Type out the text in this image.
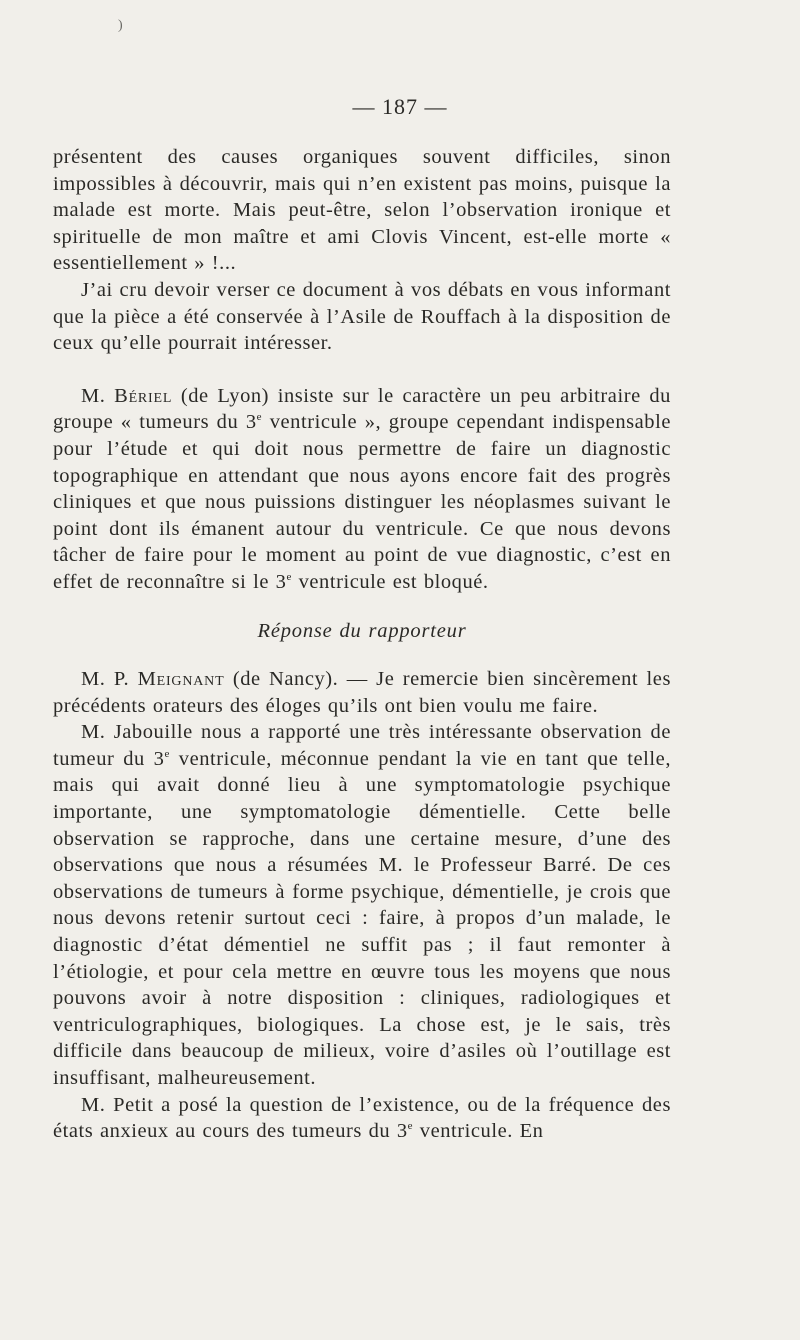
)
— 187 —

présentent des causes organiques souvent difficiles, sinon impossibles à découvrir, mais qui n’en existent pas moins, puisque la malade est morte. Mais peut-être, selon l’observation ironique et spirituelle de mon maître et ami Clovis Vincent, est-elle morte « essentiellement » !...

J’ai cru devoir verser ce document à vos débats en vous informant que la pièce a été conservée à l’Asile de Rouffach à la disposition de ceux qu’elle pourrait intéresser.

M. Bériel (de Lyon) insiste sur le caractère un peu arbitraire du groupe « tumeurs du 3e ventricule », groupe cependant indispensable pour l’étude et qui doit nous permettre de faire un diagnostic topographique en attendant que nous ayons encore fait des progrès cliniques et que nous puissions distinguer les néoplasmes suivant le point dont ils émanent autour du ventricule. Ce que nous devons tâcher de faire pour le moment au point de vue diagnostic, c’est en effet de reconnaître si le 3e ventricule est bloqué.

Réponse du rapporteur

M. P. Meignant (de Nancy). — Je remercie bien sincèrement les précédents orateurs des éloges qu’ils ont bien voulu me faire.

M. Jabouille nous a rapporté une très intéressante observation de tumeur du 3e ventricule, méconnue pendant la vie en tant que telle, mais qui avait donné lieu à une symptomatologie psychique importante, une symptomatologie démentielle. Cette belle observation se rapproche, dans une certaine mesure, d’une des observations que nous a résumées M. le Professeur Barré. De ces observations de tumeurs à forme psychique, démentielle, je crois que nous devons retenir surtout ceci : faire, à propos d’un malade, le diagnostic d’état démentiel ne suffit pas ; il faut remonter à l’étiologie, et pour cela mettre en œuvre tous les moyens que nous pouvons avoir à notre disposition : cliniques, radiologiques et ventriculographiques, biologiques. La chose est, je le sais, très difficile dans beaucoup de milieux, voire d’asiles où l’outillage est insuffisant, malheureusement.

M. Petit a posé la question de l’existence, ou de la fréquence des états anxieux au cours des tumeurs du 3e ventricule. En
